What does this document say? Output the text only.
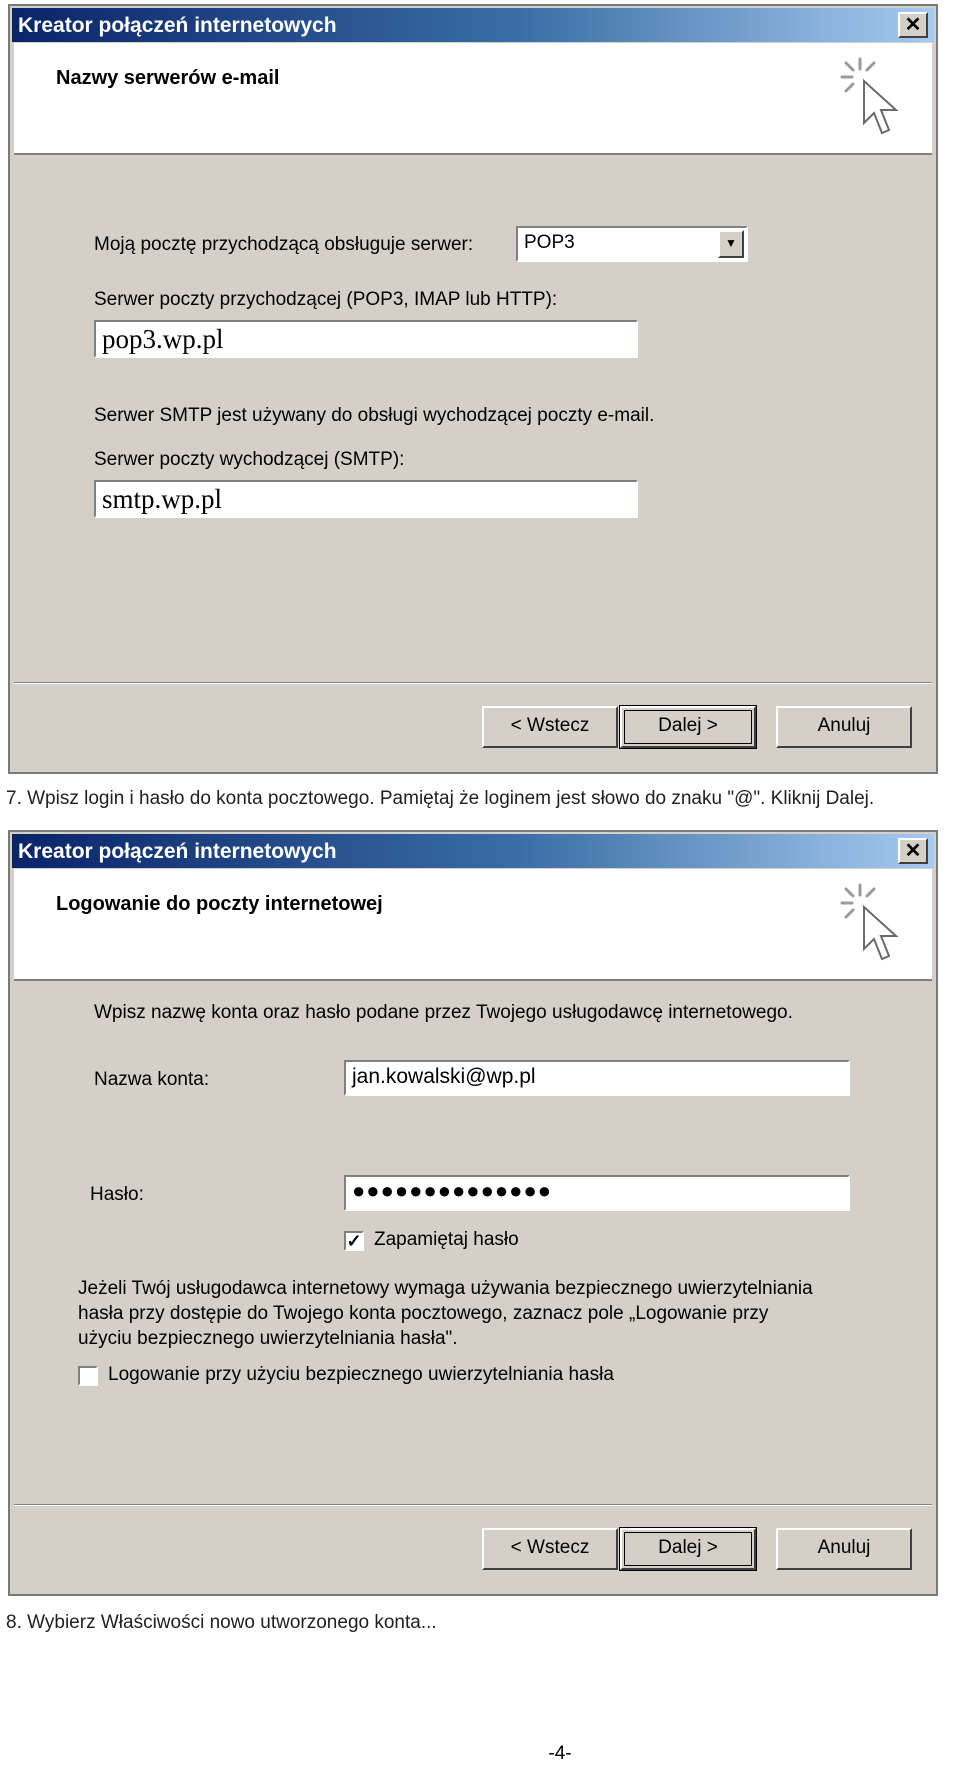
Kreator połączeń internetowych	✕
Nazwy serwerów e-mail
Moją pocztę przychodzącą obsługuje serwer:	POP3	▼
Serwer poczty przychodzącej (POP3, IMAP lub HTTP):
pop3.wp.pl
Serwer SMTP jest używany do obsługi wychodzącej poczty e-mail.
Serwer poczty wychodzącej (SMTP):
smtp.wp.pl
< Wstecz	Dalej >	Anuluj
7. Wpisz login i hasło do konta pocztowego. Pamiętaj że loginem jest słowo do znaku "@". Kliknij Dalej.
Kreator połączeń internetowych	✕
Logowanie do poczty internetowej
Wpisz nazwę konta oraz hasło podane przez Twojego usługodawcę internetowego.
Nazwa konta:	jan.kowalski@wp.pl
Hasło:	●●●●●●●●●●●●●●
✓ Zapamiętaj hasło
Jeżeli Twój usługodawca internetowy wymaga używania bezpiecznego uwierzytelniania
hasła przy dostępie do Twojego konta pocztowego, zaznacz pole „Logowanie przy
użyciu bezpiecznego uwierzytelniania hasła".
Logowanie przy użyciu bezpiecznego uwierzytelniania hasła
< Wstecz	Dalej >	Anuluj
8. Wybierz Właściwości nowo utworzonego konta...
-4-
